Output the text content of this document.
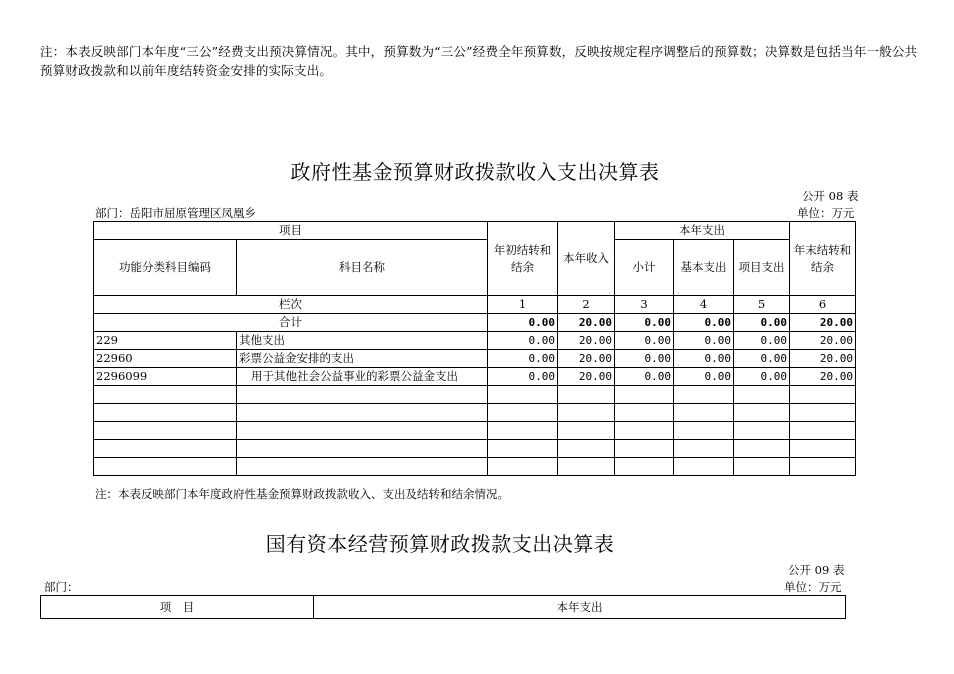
注：本表反映部门本年度“三公”经费支出预决算情况。其中，预算数为“三公”经费全年预算数，反映按规定程序调整后的预算数；决算数是包括当年一般公共预算财政拨款和以前年度结转资金安排的实际支出。
政府性基金预算财政拨款收入支出决算表
公开 08 表
部门：岳阳市屈原管理区凤凰乡	单位：万元
项目		年初结转和结余	本年收入	本年支出			年末结转和结余
功能分类科目编码	科目名称			小计	基本支出	项目支出	
栏次		1	2	3	4	5	6
合计		0.00	20.00	0.00	0.00	0.00	20.00
229	其他支出	0.00	20.00	0.00	0.00	0.00	20.00
22960	彩票公益金安排的支出	0.00	20.00	0.00	0.00	0.00	20.00
2296099	用于其他社会公益事业的彩票公益金支出	0.00	20.00	0.00	0.00	0.00	20.00

注：本表反映部门本年度政府性基金预算财政拨款收入、支出及结转和结余情况。
国有资本经营预算财政拨款支出决算表
公开 09 表
部门：	单位：万元
项　目	本年支出
